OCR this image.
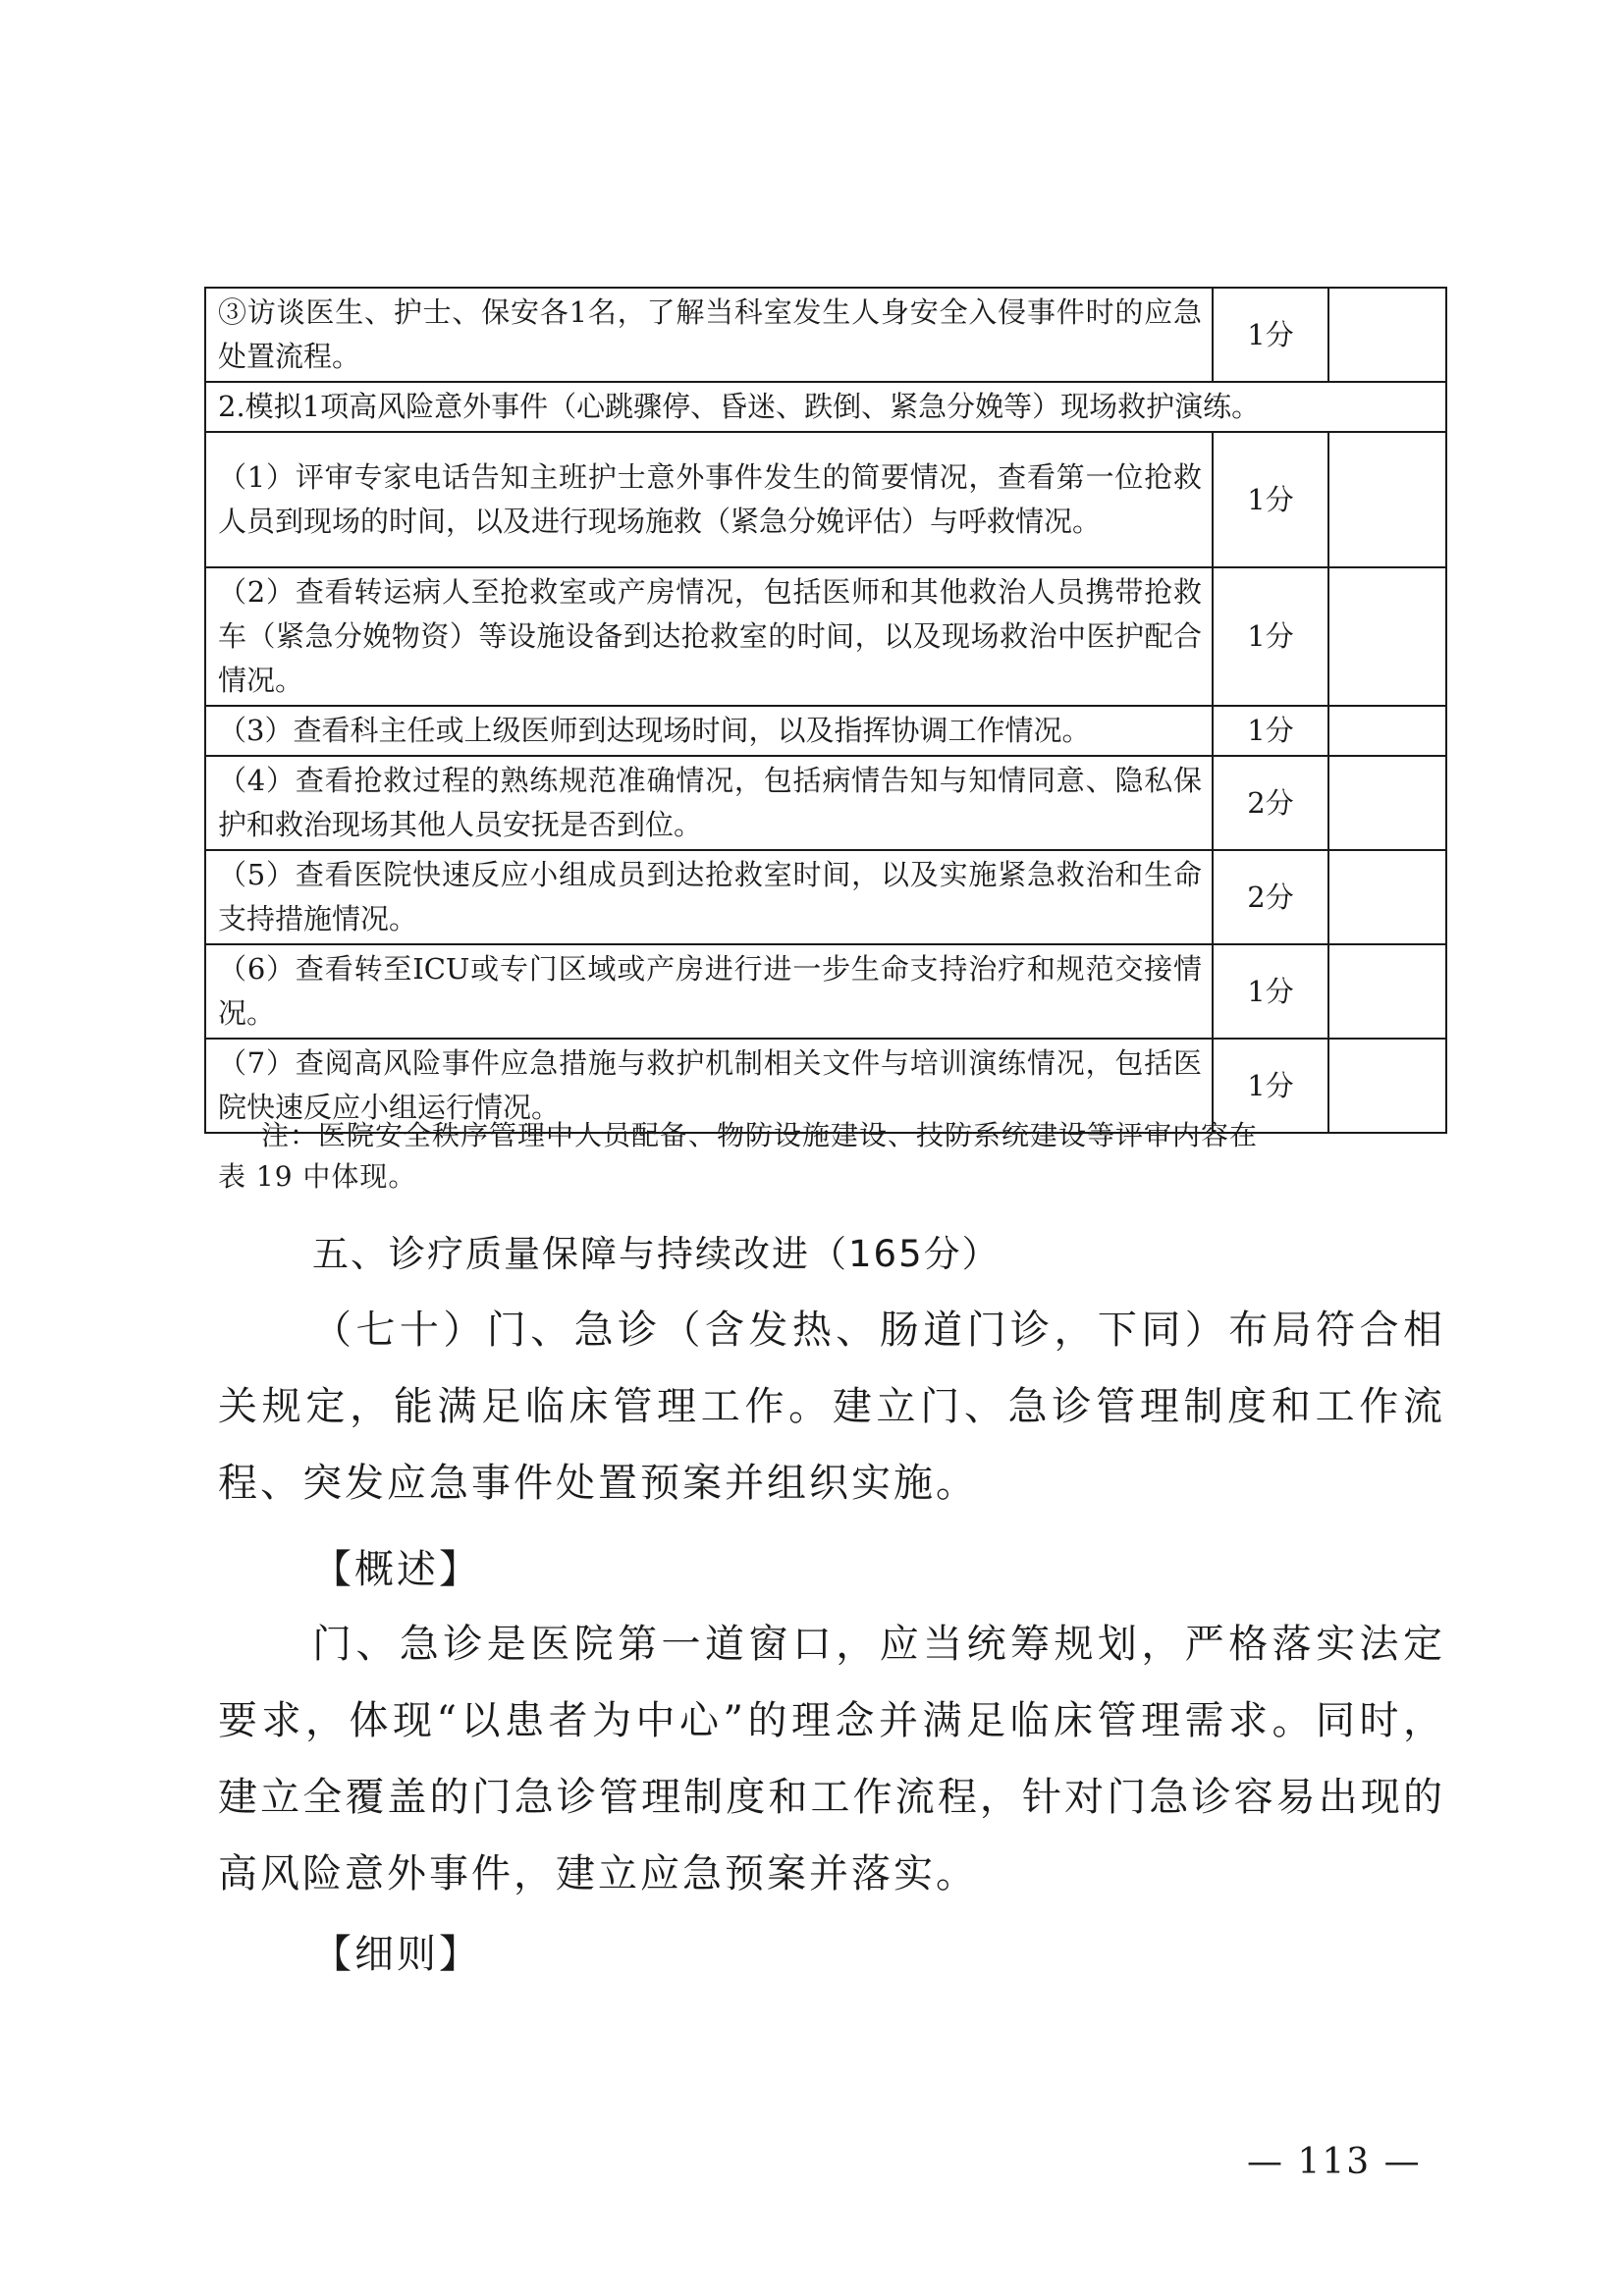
③访谈医生、护士、保安各1名，了解当科室发生人身安全入侵事件时的应急处置流程。	1分	
2.模拟1项高风险意外事件（心跳骤停、昏迷、跌倒、紧急分娩等）现场救护演练。		
（1）评审专家电话告知主班护士意外事件发生的简要情况，查看第一位抢救人员到现场的时间，以及进行现场施救（紧急分娩评估）与呼救情况。	1分	
（2）查看转运病人至抢救室或产房情况，包括医师和其他救治人员携带抢救车（紧急分娩物资）等设施设备到达抢救室的时间，以及现场救治中医护配合情况。	1分	
（3）查看科主任或上级医师到达现场时间，以及指挥协调工作情况。	1分	
（4）查看抢救过程的熟练规范准确情况，包括病情告知与知情同意、隐私保护和救治现场其他人员安抚是否到位。	2分	
（5）查看医院快速反应小组成员到达抢救室时间，以及实施紧急救治和生命支持措施情况。	2分	
（6）查看转至ICU或专门区域或产房进行进一步生命支持治疗和规范交接情况。	1分	
（7）查阅高风险事件应急措施与救护机制相关文件与培训演练情况，包括医院快速反应小组运行情况。	1分	
注：医院安全秩序管理中人员配备、物防设施建设、技防系统建设等评审内容在
表 19 中体现。
五、诊疗质量保障与持续改进（165分）

（七十）门、急诊（含发热、肠道门诊，下同）布局符合相关规定，能满足临床管理工作。建立门、急诊管理制度和工作流程、突发应急事件处置预案并组织实施。

【概述】

门、急诊是医院第一道窗口，应当统筹规划，严格落实法定要求，体现“以患者为中心”的理念并满足临床管理需求。同时，建立全覆盖的门急诊管理制度和工作流程，针对门急诊容易出现的高风险意外事件，建立应急预案并落实。

【细则】

— 113 —
